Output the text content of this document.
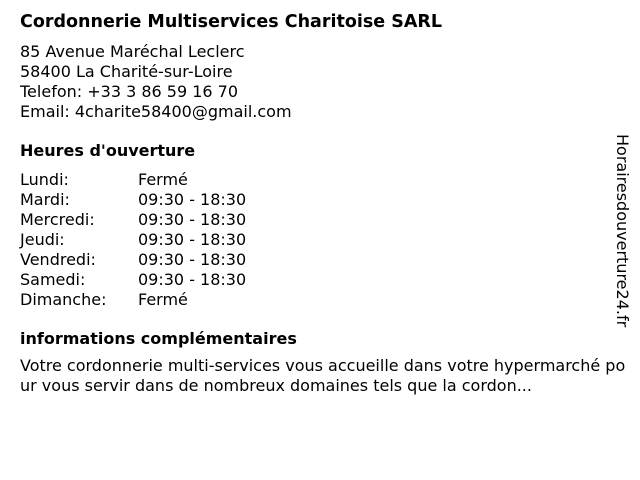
Cordonnerie Multiservices Charitoise SARL
85 Avenue Maréchal Leclerc
58400 La Charité-sur-Loire
Telefon: +33 3 86 59 16 70
Email: 4charite58400@gmail.com
Heures d'ouverture
Lundi:	Fermé
Mardi:	09:30 - 18:30
Mercredi:	09:30 - 18:30
Jeudi:	09:30 - 18:30
Vendredi:	09:30 - 18:30
Samedi:	09:30 - 18:30
Dimanche:	Fermé
informations complémentaires
Votre cordonnerie multi-services vous accueille dans votre hypermarché pour vous servir dans de nombreux domaines tels que la cordon...
Horairesdouverture24.fr
